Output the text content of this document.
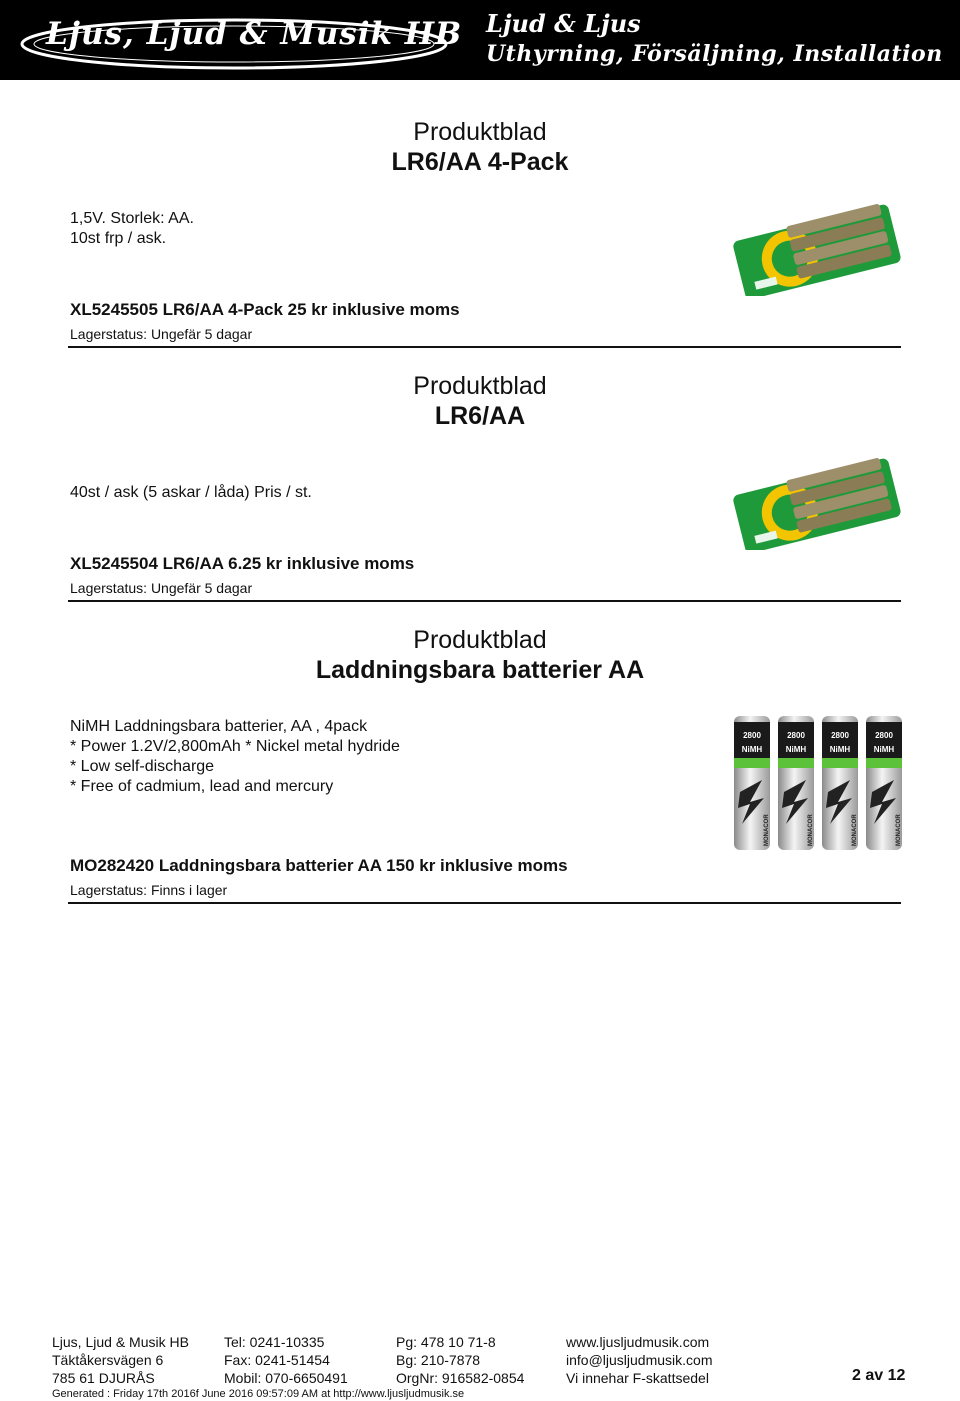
Ljus, Ljud & Musik HB Ljud & Ljus
Uthyrning, Försäljning, Installation
Produktblad
LR6/AA 4-Pack
1,5V. Storlek: AA.
10st frp / ask.
XL5245505 LR6/AA 4-Pack 25 kr inklusive moms
Lagerstatus: Ungefär 5 dagar
Produktblad
LR6/AA
40st / ask (5 askar / låda) Pris / st.
XL5245504 LR6/AA 6.25 kr inklusive moms
Lagerstatus: Ungefär 5 dagar
Produktblad
Laddningsbara batterier AA
NiMH Laddningsbara batterier, AA , 4pack
* Power 1.2V/2,800mAh * Nickel metal hydride
* Low self-discharge
* Free of cadmium, lead and mercury
MO282420 Laddningsbara batterier AA 150 kr inklusive moms
Lagerstatus: Finns i lager
2800
NiMH
MONACOR
2800
NiMH
MONACOR
2800
NiMH
MONACOR
2800
NiMH
MONACOR
Ljus, Ljud & Musik HB
Täktåkersvägen 6
785 61 DJURÅS
Tel: 0241-10335
Fax: 0241-51454
Mobil: 070-6650491
Pg: 478 10 71-8
Bg: 210-7878
OrgNr: 916582-0854
www.ljusljudmusik.com
info@ljusljudmusik.com
Vi innehar F-skattsedel	2 av 12
Generated : Friday 17th 2016f June 2016 09:57:09 AM at http://www.ljusljudmusik.se
